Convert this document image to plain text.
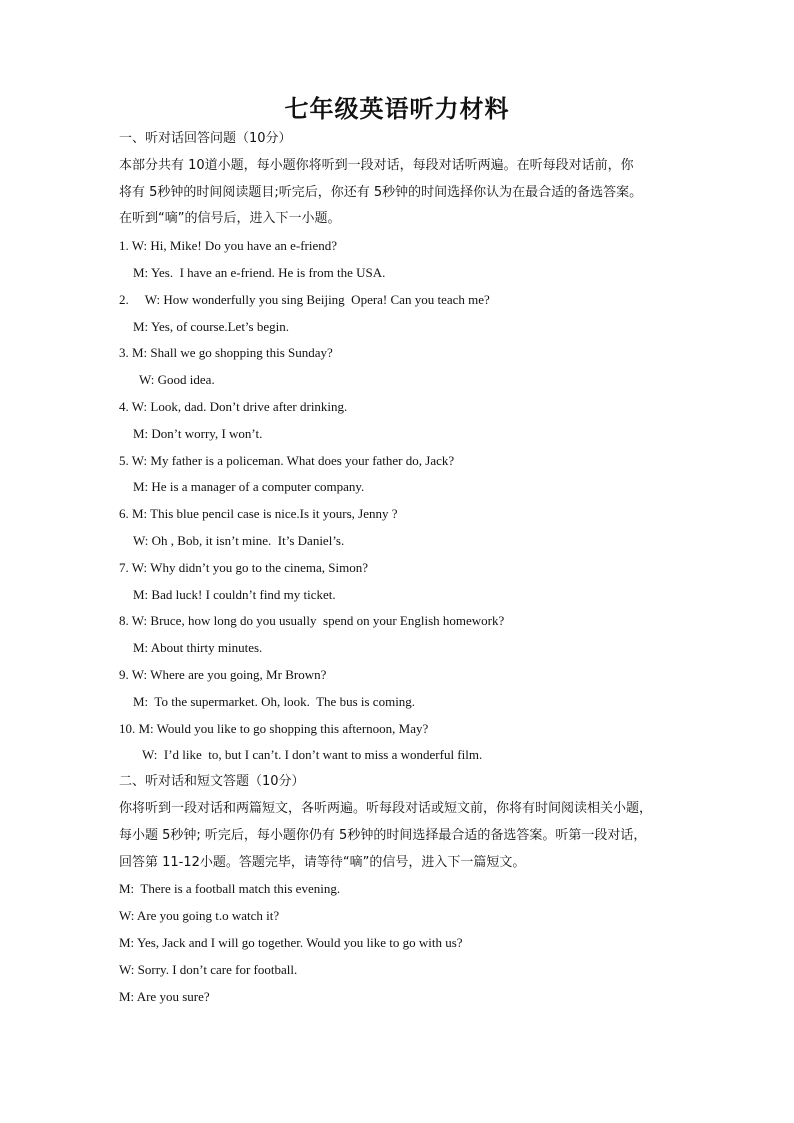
七年级英语听力材料
一、听对话回答问题（10分）
本部分共有 10道小题，每小题你将听到一段对话，每段对话听两遍。在听每段对话前，你
将有 5秒钟的时间阅读题目;听完后，你还有 5秒钟的时间选择你认为在最合适的备选答案。
在听到“嘀”的信号后，进入下一小题。
1. W: Hi, Mike! Do you have an e-friend?
M: Yes.  I have an e-friend. He is from the USA.
2.     W: How wonderfully you sing Beijing  Opera! Can you teach me?
M: Yes, of course.Let’s begin.
3. M: Shall we go shopping this Sunday?
W: Good idea.
4. W: Look, dad. Don’t drive after drinking.
M: Don’t worry, I won’t.
5. W: My father is a policeman. What does your father do, Jack?
M: He is a manager of a computer company.
6. M: This blue pencil case is nice.Is it yours, Jenny ?
W: Oh , Bob, it isn’t mine.  It’s Daniel’s.
7. W: Why didn’t you go to the cinema, Simon?
M: Bad luck! I couldn’t find my ticket.
8. W: Bruce, how long do you usually  spend on your English homework?
M: About thirty minutes.
9. W: Where are you going, Mr Brown?
M:  To the supermarket. Oh, look.  The bus is coming.
10. M: Would you like to go shopping this afternoon, May?
W:  I’d like  to, but I can’t. I don’t want to miss a wonderful film.
二、听对话和短文答题（10分）
你将听到一段对话和两篇短文，各听两遍。听每段对话或短文前，你将有时间阅读相关小题，
每小题 5秒钟; 听完后，每小题你仍有 5秒钟的时间选择最合适的备选答案。听第一段对话，
回答第 11-12小题。答题完毕，请等待“嘀”的信号，进入下一篇短文。
M:  There is a football match this evening.
W: Are you going t.o watch it?
M: Yes, Jack and I will go together. Would you like to go with us?
W: Sorry. I don’t care for football.
M: Are you sure?
